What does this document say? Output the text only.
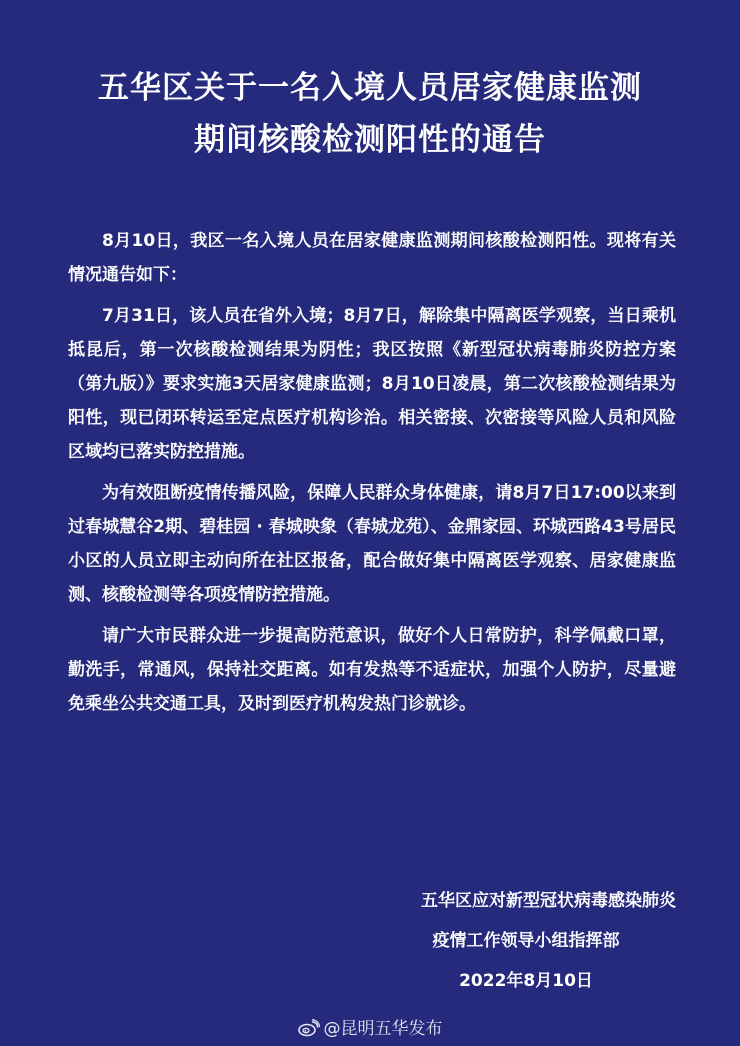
五华区关于一名入境人员居家健康监测
期间核酸检测阳性的通告

8月10日，我区一名入境人员在居家健康监测期间核酸检测阳性。现将有关情况通告如下：

7月31日，该人员在省外入境；8月7日，解除集中隔离医学观察，当日乘机抵昆后，第一次核酸检测结果为阴性；我区按照《新型冠状病毒肺炎防控方案（第九版）》要求实施3天居家健康监测；8月10日凌晨，第二次核酸检测结果为阳性，现已闭环转运至定点医疗机构诊治。相关密接、次密接等风险人员和风险区域均已落实防控措施。

为有效阻断疫情传播风险，保障人民群众身体健康，请8月7日17:00以来到过春城慧谷2期、碧桂园 · 春城映象（春城龙苑）、金鼎家园、环城西路43号居民小区的人员立即主动向所在社区报备，配合做好集中隔离医学观察、居家健康监测、核酸检测等各项疫情防控措施。

请广大市民群众进一步提高防范意识，做好个人日常防护，科学佩戴口罩，勤洗手，常通风，保持社交距离。如有发热等不适症状，加强个人防护，尽量避免乘坐公共交通工具，及时到医疗机构发热门诊就诊。

五华区应对新型冠状病毒感染肺炎
疫情工作领导小组指挥部
2022年8月10日
@昆明五华发布
